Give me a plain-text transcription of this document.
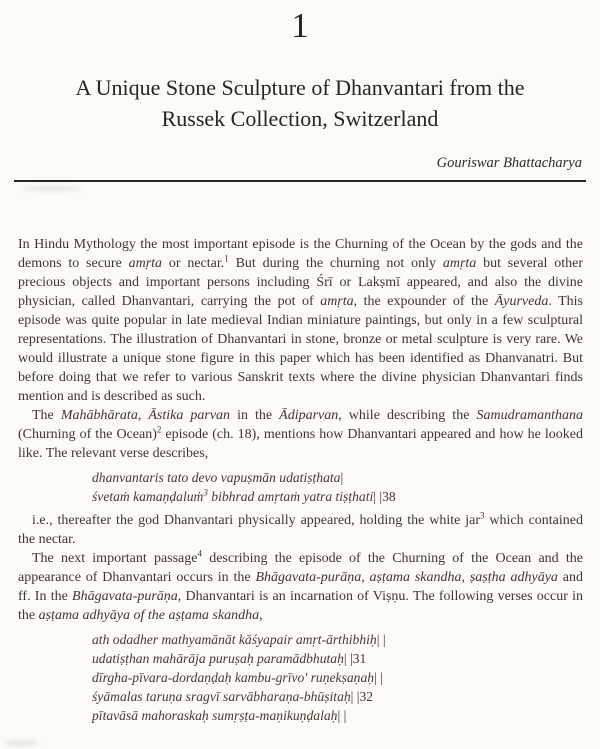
1
A Unique Stone Sculpture of Dhanvantari from the
Russek Collection, Switzerland
Gouriswar Bhattacharya

In Hindu Mythology the most important episode is the Churning of the Ocean by the gods and the demons to secure amṛta or nectar.$^1$ But during the churning not only amṛta but several other precious objects and important persons including Śrī or Lakṣmī appeared, and also the divine physician, called Dhanvantari, carrying the pot of amṛta, the expounder of the Āyurveda. This episode was quite popular in late medieval Indian miniature paintings, but only in a few sculptural representations. The illustration of Dhanvantari in stone, bronze or metal sculpture is very rare. We would illustrate a unique stone figure in this paper which has been identified as Dhanvanatri. But before doing that we refer to various Sanskrit texts where the divine physician Dhanvantari finds mention and is described as such.

The Mahābhārata, Āstika parvan in the Ādiparvan, while describing the Samudramanthana (Churning of the Ocean)$^2$ episode (ch. 18), mentions how Dhanvantari appeared and how he looked like. The relevant verse describes,

dhanvantaris tato devo vapuṣmān udatiṣṭhata|
śvetaṁ kamaṇḍaluṁ$^3$ bibhrad amṛtaṁ yatra tiṣṭhati| |38

i.e., thereafter the god Dhanvantari physically appeared, holding the white jar$^3$ which contained the nectar.

The next important passage$^4$ describing the episode of the Churning of the Ocean and the appearance of Dhanvantari occurs in the Bhāgavata-purāṇa, aṣṭama skandha, ṣaṣṭha adhyāya and ff. In the Bhāgavata-purāṇa, Dhanvantari is an incarnation of Viṣṇu. The following verses occur in the aṣṭama adhyāya of the aṣṭama skandha,

ath odadher mathyamānāt kāśyapair amṛt-ārthibhiḥ| |
udatiṣṭhan mahārāja puruṣaḥ paramādbhutaḥ| |31
dīrgha-pīvara-dordaṇḍaḥ kambu-grīvo' ruṇekṣaṇaḥ| |
śyāmalas taruṇa sragvī sarvābharaṇa-bhūṣitaḥ| |32
pītavāsā mahoraskaḥ sumṛṣṭa-maṇikuṇḍalaḥ| |
